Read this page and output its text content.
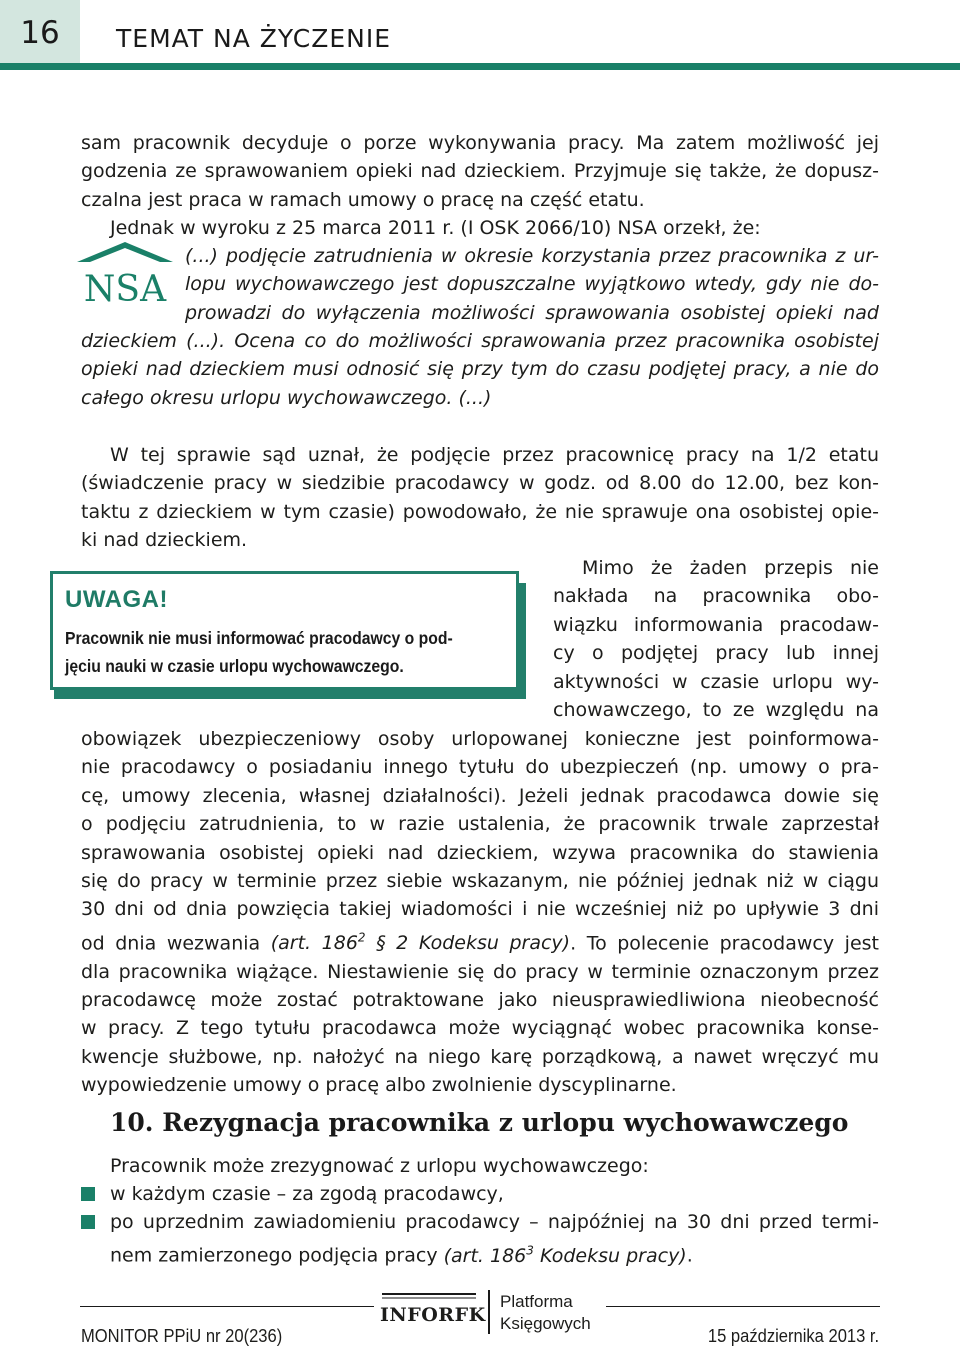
16	TEMAT NA ŻYCZENIE
sam pracownik decyduje o porze wykonywania pracy. Ma zatem możliwość jej
godzenia ze sprawowaniem opieki nad dzieckiem. Przyjmuje się także, że dopusz-
czalna jest praca w ramach umowy o pracę na część etatu.
Jednak w wyroku z 25 marca 2011 r. (I OSK 2066/10) NSA orzekł, że:
NSA
(...) podjęcie zatrudnienia w okresie korzystania przez pracownika z ur-
lopu wychowawczego jest dopuszczalne wyjątkowo wtedy, gdy nie do-
prowadzi do wyłączenia możliwości sprawowania osobistej opieki nad
dzieckiem (...). Ocena co do możliwości sprawowania przez pracownika osobistej
opieki nad dzieckiem musi odnosić się przy tym do czasu podjętej pracy, a nie do
całego okresu urlopu wychowawczego. (...)
W tej sprawie sąd uznał, że podjęcie przez pracownicę pracy na 1/2 etatu
(świadczenie pracy w siedzibie pracodawcy w godz. od 8.00 do 12.00, bez kon-
taktu z dzieckiem w tym czasie) powodowało, że nie sprawuje ona osobistej opie-
ki nad dzieckiem.
UWAGA!
Pracownik nie musi informować pracodawcy o pod-
jęciu nauki w czasie urlopu wychowawczego.
Mimo że żaden przepis nie
nakłada na pracownika obo-
wiązku informowania pracodaw-
cy o podjętej pracy lub innej
aktywności w czasie urlopu wy-
chowawczego, to ze względu na
obowiązek ubezpieczeniowy osoby urlopowanej konieczne jest poinformowa-
nie pracodawcy o posiadaniu innego tytułu do ubezpieczeń (np. umowy o pra-
cę, umowy zlecenia, własnej działalności). Jeżeli jednak pracodawca dowie się
o podjęciu zatrudnienia, to w razie ustalenia, że pracownik trwale zaprzestał
sprawowania osobistej opieki nad dzieckiem, wzywa pracownika do stawienia
się do pracy w terminie przez siebie wskazanym, nie później jednak niż w ciągu
30 dni od dnia powzięcia takiej wiadomości i nie wcześniej niż po upływie 3 dni
od dnia wezwania (art. $186^2$ § 2 Kodeksu pracy). To polecenie pracodawcy jest
dla pracownika wiążące. Niestawienie się do pracy w terminie oznaczonym przez
pracodawcę może zostać potraktowane jako nieusprawiedliwiona nieobecność
w pracy. Z tego tytułu pracodawca może wyciągnąć wobec pracownika konse-
kwencje służbowe, np. nałożyć na niego karę porządkową, a nawet wręczyć mu
wypowiedzenie umowy o pracę albo zwolnienie dyscyplinarne.
10. Rezygnacja pracownika z urlopu wychowawczego
Pracownik może zrezygnować z urlopu wychowawczego:
w każdym czasie – za zgodą pracodawcy,
po uprzednim zawiadomieniu pracodawcy – najpóźniej na 30 dni przed termi-
nem zamierzonego podjęcia pracy (art. $186^3$ Kodeksu pracy).
INFORFK
Platforma
Księgowych
MONITOR PPiU nr 20(236)	15 października 2013 r.
